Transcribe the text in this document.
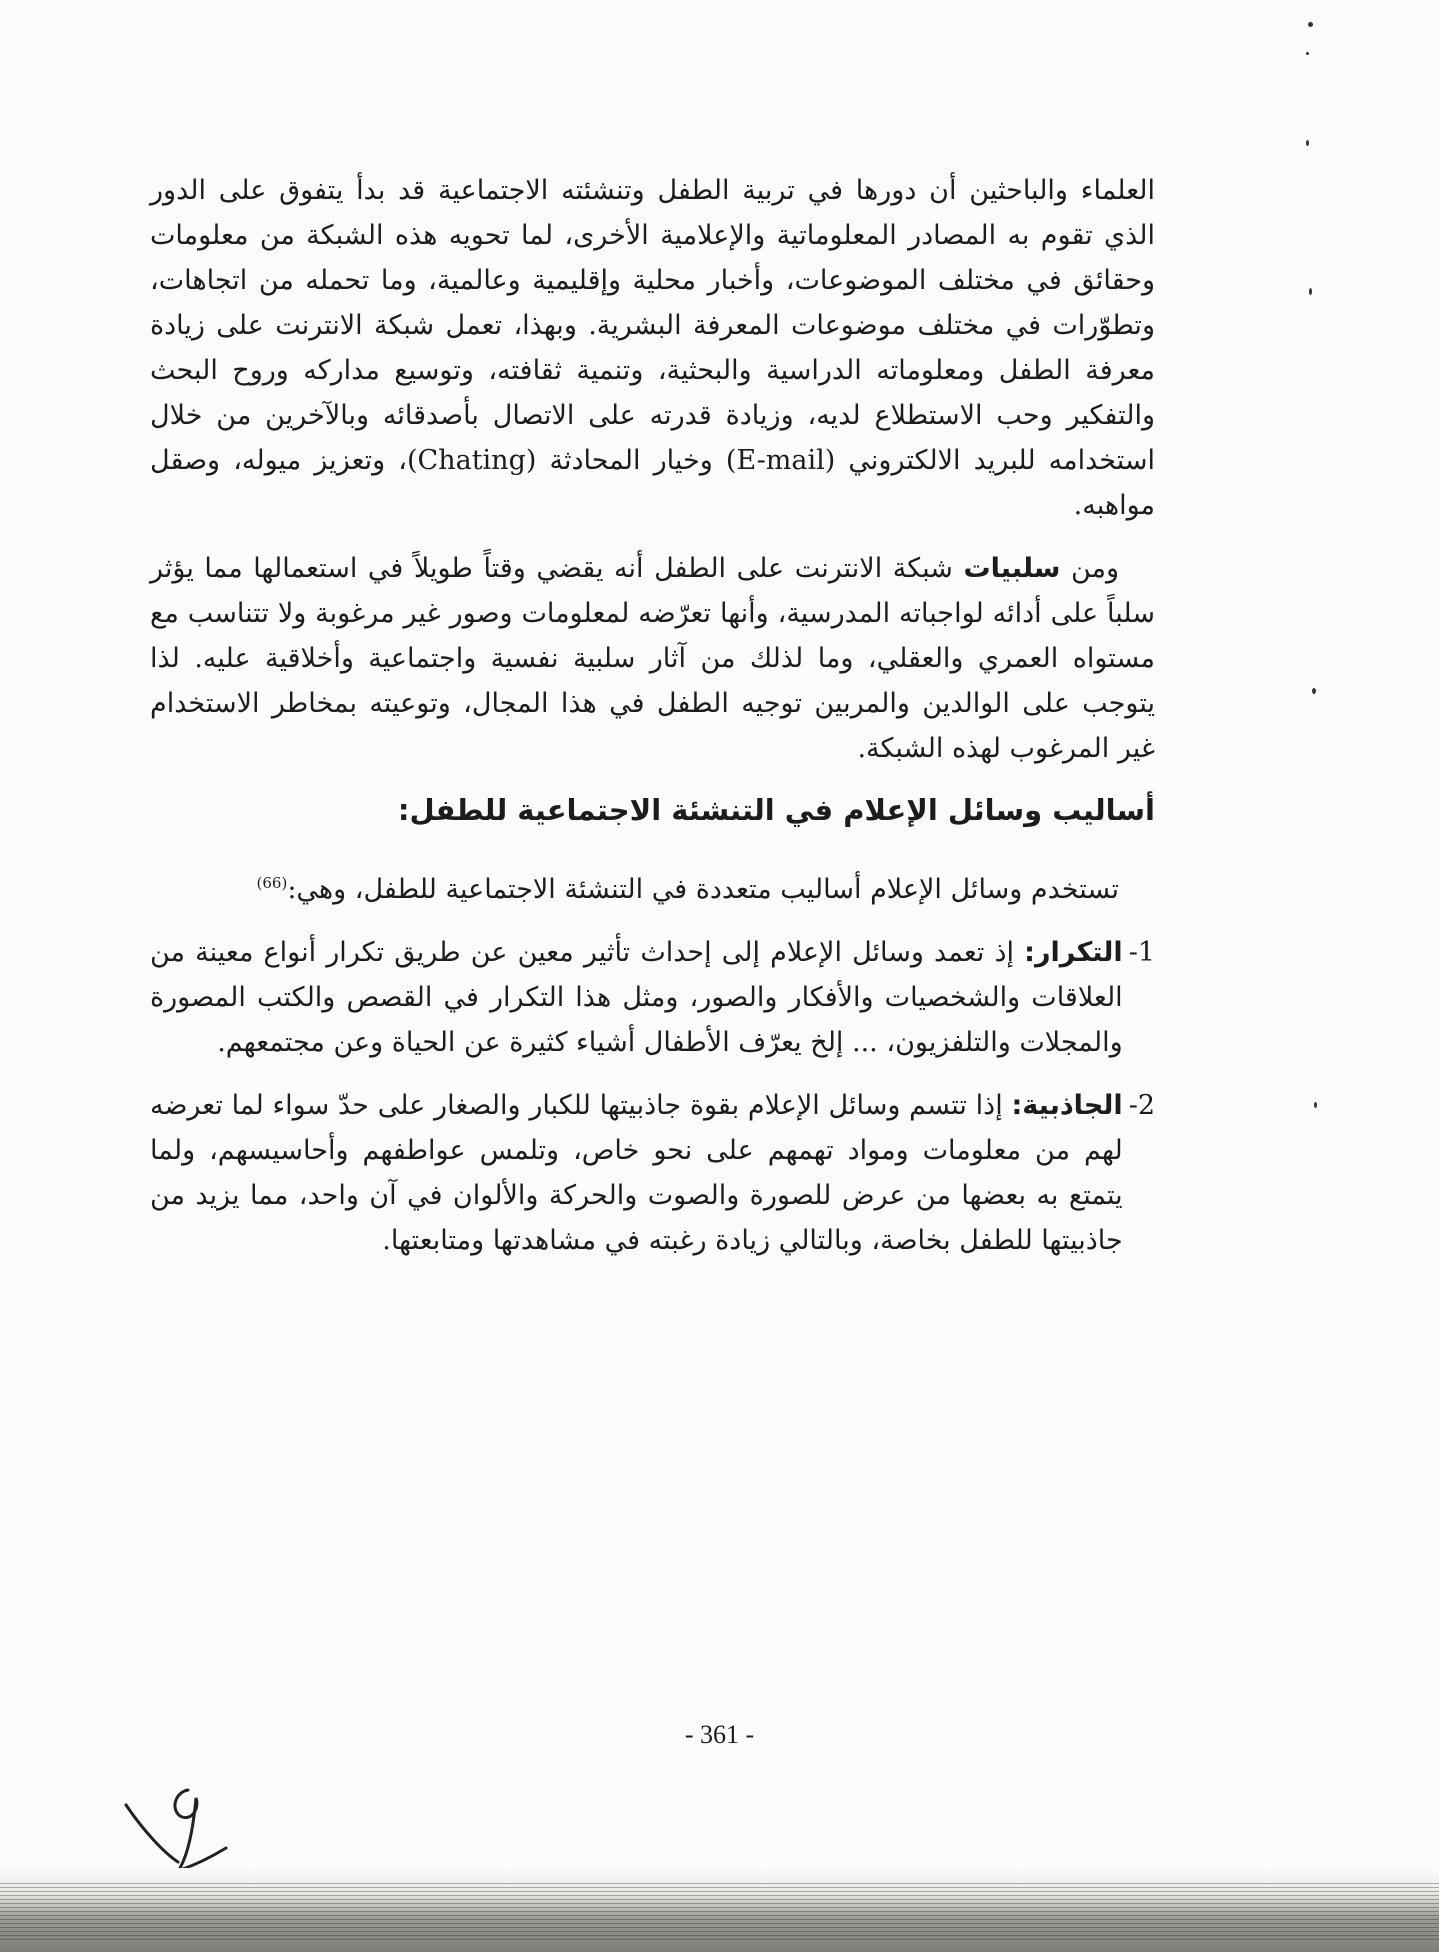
العلماء والباحثين أن دورها في تربية الطفل وتنشئته الاجتماعية قد بدأ يتفوق على الدور الذي تقوم به المصادر المعلوماتية والإعلامية الأخرى، لما تحويه هذه الشبكة من معلومات وحقائق في مختلف الموضوعات، وأخبار محلية وإقليمية وعالمية، وما تحمله من اتجاهات، وتطوّرات في مختلف موضوعات المعرفة البشرية. وبهذا، تعمل شبكة الانترنت على زيادة معرفة الطفل ومعلوماته الدراسية والبحثية، وتنمية ثقافته، وتوسيع مداركه وروح البحث والتفكير وحب الاستطلاع لديه، وزيادة قدرته على الاتصال بأصدقائه وبالآخرين من خلال استخدامه للبريد الالكتروني (E-mail) وخيار المحادثة (Chating)، وتعزيز ميوله، وصقل مواهبه.

ومن سلبيات شبكة الانترنت على الطفل أنه يقضي وقتاً طويلاً في استعمالها مما يؤثر سلباً على أدائه لواجباته المدرسية، وأنها تعرّضه لمعلومات وصور غير مرغوبة ولا تتناسب مع مستواه العمري والعقلي، وما لذلك من آثار سلبية نفسية واجتماعية وأخلاقية عليه. لذا يتوجب على الوالدين والمربين توجيه الطفل في هذا المجال، وتوعيته بمخاطر الاستخدام غير المرغوب لهذه الشبكة.

أساليب وسائل الإعلام في التنشئة الاجتماعية للطفل:

تستخدم وسائل الإعلام أساليب متعددة في التنشئة الاجتماعية للطفل، وهي:$^{(66)}$

1-
التكرار: إذ تعمد وسائل الإعلام إلى إحداث تأثير معين عن طريق تكرار أنواع معينة من العلاقات والشخصيات والأفكار والصور، ومثل هذا التكرار في القصص والكتب المصورة والمجلات والتلفزيون، ... إلخ يعرّف الأطفال أشياء كثيرة عن الحياة وعن مجتمعهم.
2-
الجاذبية: إذا تتسم وسائل الإعلام بقوة جاذبيتها للكبار والصغار على حدّ سواء لما تعرضه لهم من معلومات ومواد تهمهم على نحو خاص، وتلمس عواطفهم وأحاسيسهم، ولما يتمتع به بعضها من عرض للصورة والصوت والحركة والألوان في آن واحد، مما يزيد من جاذبيتها للطفل بخاصة، وبالتالي زيادة رغبته في مشاهدتها ومتابعتها.
- 361 -
